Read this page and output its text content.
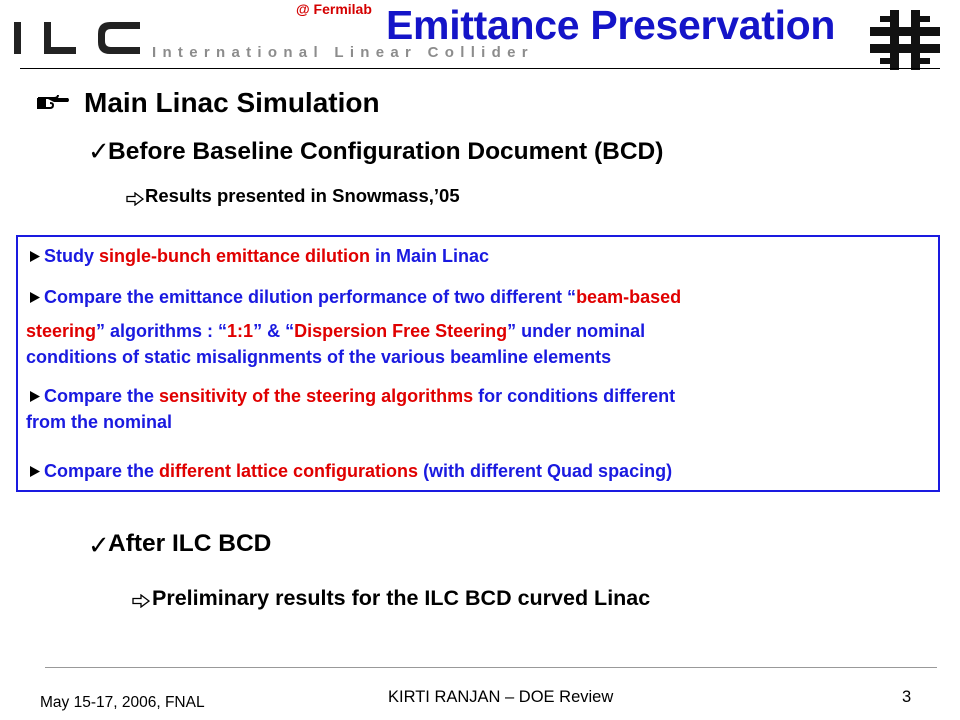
International Linear Collider
@ Fermilab Emittance Preservation
Main Linac Simulation
✓
Before Baseline Configuration Document (BCD)
Results presented in Snowmass,’05
Study single-bunch emittance dilution in Main Linac
Compare the emittance dilution performance of two different “beam-based
steering” algorithms : “1:1” & “Dispersion Free Steering” under nominal
conditions of static misalignments of the various beamline elements
Compare the sensitivity of the steering algorithms for conditions different
from the nominal
Compare the different lattice configurations (with different Quad spacing)
✓
After ILC BCD
Preliminary results for the ILC BCD curved Linac
May 15-17, 2006, FNAL	KIRTI RANJAN – DOE Review	3
